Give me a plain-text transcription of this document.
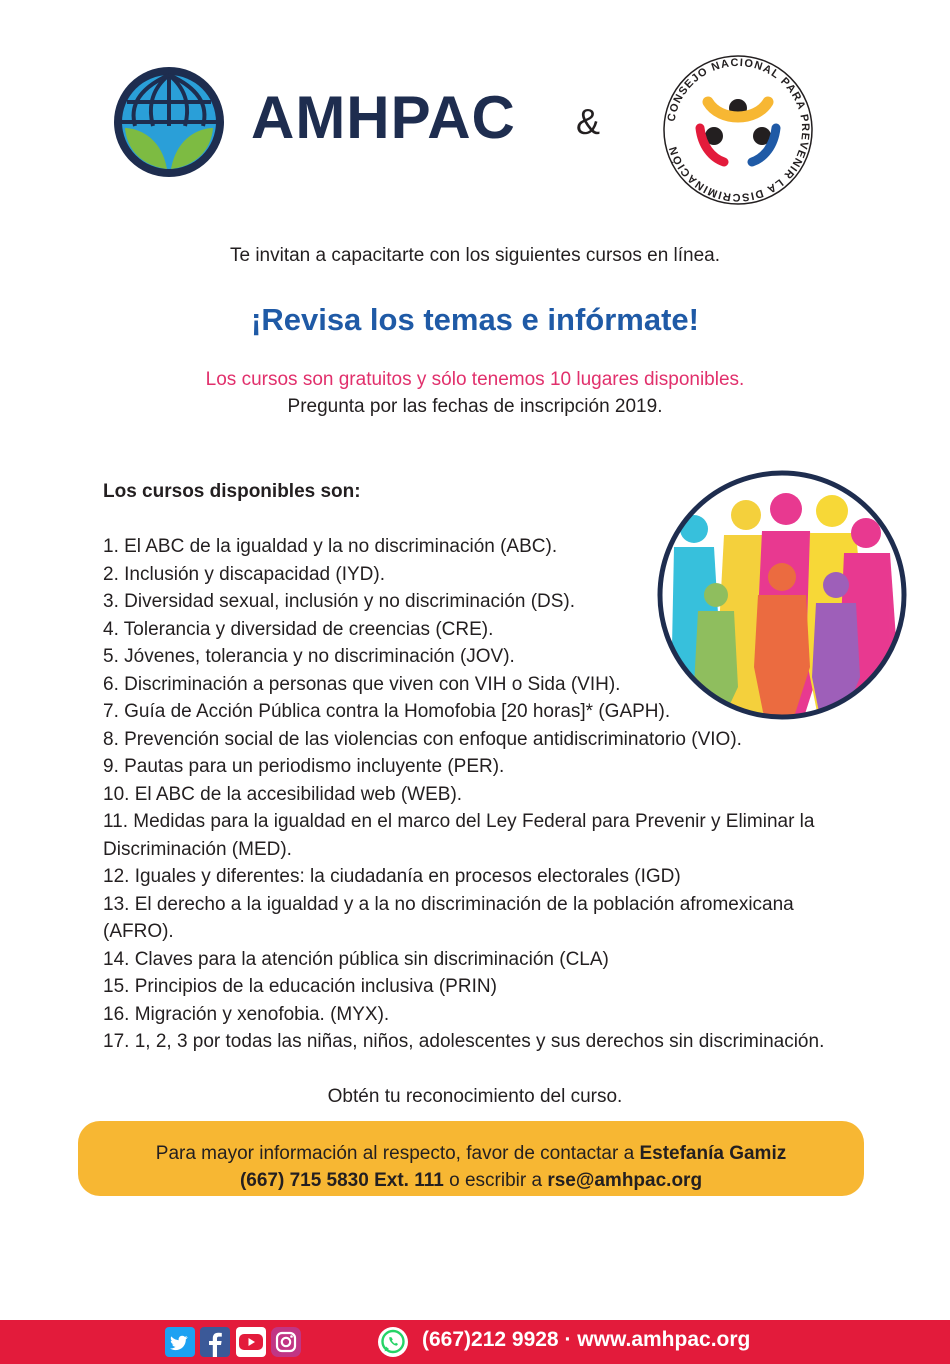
AMHPAC &	CONSEJO NACIONAL PARA PREVENIR LA DISCRIMINACIÓN
Te invitan a capacitarte con los siguientes cursos en línea.
¡Revisa los temas e infórmate!
Los cursos son gratuitos y sólo tenemos 10 lugares disponibles.
Pregunta por las fechas de inscripción 2019.
Los cursos disponibles son:
1. El ABC de la igualdad y la no discriminación (ABC).
2. Inclusión y discapacidad (IYD).
3. Diversidad sexual, inclusión y no discriminación (DS).
4. Tolerancia y diversidad de creencias (CRE).
5. Jóvenes, tolerancia y no discriminación (JOV).
6. Discriminación a personas que viven con VIH o Sida (VIH).
7. Guía de Acción Pública contra la Homofobia [20 horas]* (GAPH).
8. Prevención social de las violencias con enfoque antidiscriminatorio (VIO).
9. Pautas para un periodismo incluyente (PER).
10. El ABC de la accesibilidad web (WEB).
11. Medidas para la igualdad en el marco del Ley Federal para Prevenir y Eliminar la
Discriminación (MED).
12. Iguales y diferentes: la ciudadanía en procesos electorales (IGD)
13. El derecho a la igualdad y a la no discriminación de la población afromexicana
(AFRO).
14. Claves para la atención pública sin discriminación (CLA)
15. Principios de la educación inclusiva (PRIN)
16. Migración y xenofobia. (MYX).
17. 1, 2, 3 por todas las niñas, niños, adolescentes y sus derechos sin discriminación.
Obtén tu reconocimiento del curso.
Para mayor información al respecto, favor de contactar a Estefanía Gamiz
(667) 715 5830 Ext. 111 o escribir a rse@amhpac.org
(667)212 9928 · www.amhpac.org
